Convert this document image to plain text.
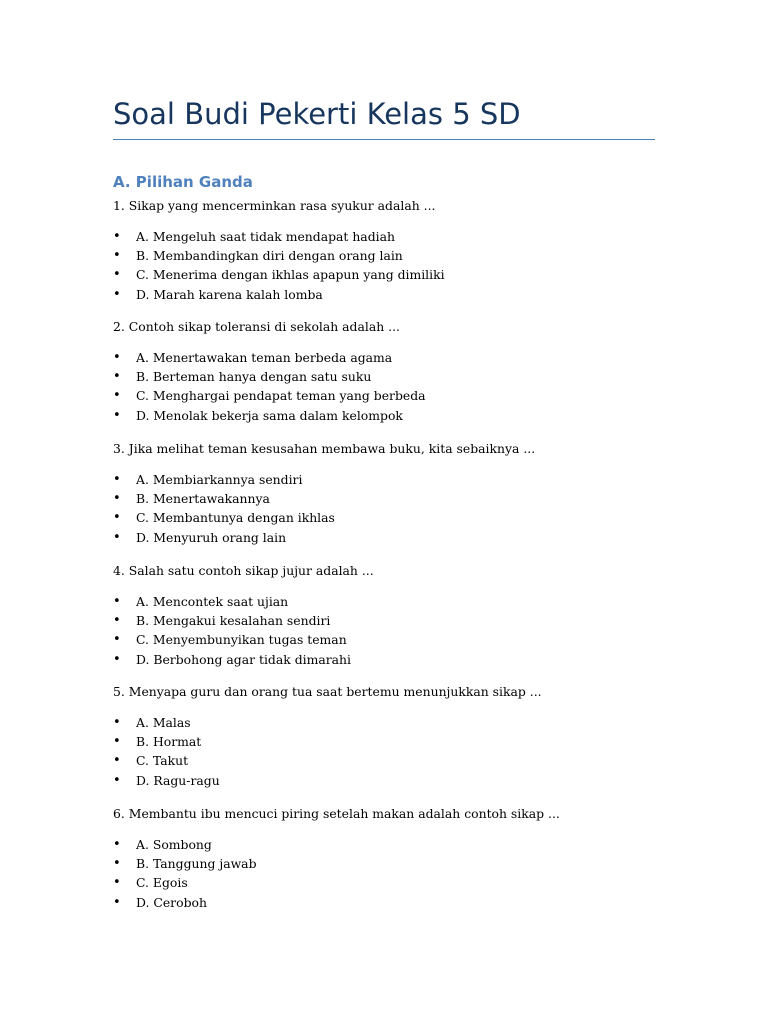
Soal Budi Pekerti Kelas 5 SD
A. Pilihan Ganda

1. Sikap yang mencerminkan rasa syukur adalah ...

• A. Mengeluh saat tidak mendapat hadiah
• B. Membandingkan diri dengan orang lain
• C. Menerima dengan ikhlas apapun yang dimiliki
• D. Marah karena kalah lomba

2. Contoh sikap toleransi di sekolah adalah ...

• A. Menertawakan teman berbeda agama
• B. Berteman hanya dengan satu suku
• C. Menghargai pendapat teman yang berbeda
• D. Menolak bekerja sama dalam kelompok

3. Jika melihat teman kesusahan membawa buku, kita sebaiknya ...

• A. Membiarkannya sendiri
• B. Menertawakannya
• C. Membantunya dengan ikhlas
• D. Menyuruh orang lain

4. Salah satu contoh sikap jujur adalah ...

• A. Mencontek saat ujian
• B. Mengakui kesalahan sendiri
• C. Menyembunyikan tugas teman
• D. Berbohong agar tidak dimarahi

5. Menyapa guru dan orang tua saat bertemu menunjukkan sikap ...

• A. Malas
• B. Hormat
• C. Takut
• D. Ragu-ragu

6. Membantu ibu mencuci piring setelah makan adalah contoh sikap ...

• A. Sombong
• B. Tanggung jawab
• C. Egois
• D. Ceroboh
